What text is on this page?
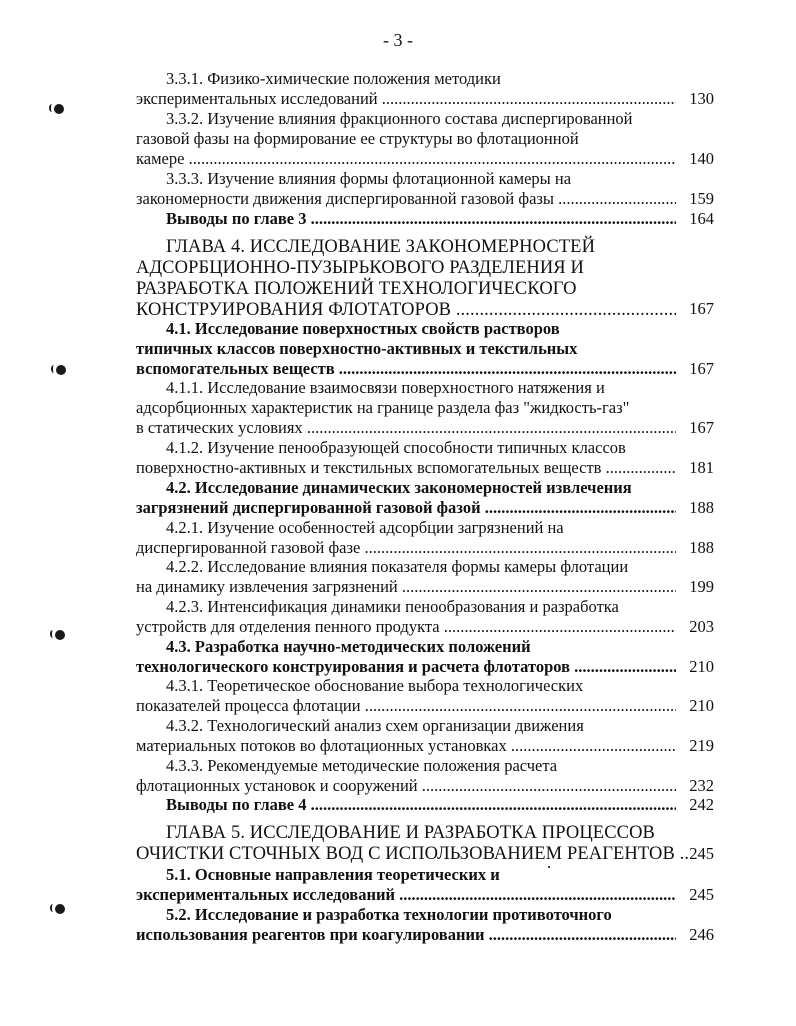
- 3 -
3.3.1. Физико-химические положения методики
экспериментальных исследований .....	130
3.3.2. Изучение влияния фракционного состава диспергированной
газовой фазы на формирование ее структуры во флотационной
камере .....	140
3.3.3. Изучение влияния формы флотационной камеры на
закономерности движения диспергированной газовой фазы .....	159
Выводы по главе 3 .....	164
ГЛАВА 4. ИССЛЕДОВАНИЕ ЗАКОНОМЕРНОСТЕЙ
АДСОРБЦИОННО-ПУЗЫРЬКОВОГО РАЗДЕЛЕНИЯ И
РАЗРАБОТКА ПОЛОЖЕНИЙ ТЕХНОЛОГИЧЕСКОГО
КОНСТРУИРОВАНИЯ ФЛОТАТОРОВ .....	167
4.1. Исследование поверхностных свойств растворов
типичных классов поверхностно-активных и текстильных
вспомогательных веществ .....	167
4.1.1. Исследование взаимосвязи поверхностного натяжения и
адсорбционных характеристик на границе раздела фаз "жидкость-газ"
в статических условиях .....	167
4.1.2. Изучение пенообразующей способности типичных классов
поверхностно-активных и текстильных вспомогательных веществ .....	181
4.2. Исследование динамических закономерностей извлечения
загрязнений диспергированной газовой фазой .....	188
4.2.1. Изучение особенностей адсорбции загрязнений на
диспергированной газовой фазе .....	188
4.2.2. Исследование влияния показателя формы камеры флотации
на динамику извлечения загрязнений .....	199
4.2.3. Интенсификация динамики пенообразования и разработка
устройств для отделения пенного продукта .....	203
4.3. Разработка научно-методических положений
технологического конструирования и расчета флотаторов .....	210
4.3.1. Теоретическое обоснование выбора технологических
показателей процесса флотации .....	210
4.3.2. Технологический анализ схем организации движения
материальных потоков во флотационных установках .....	219
4.3.3. Рекомендуемые методические положения расчета
флотационных установок и сооружений .....	232
Выводы по главе 4 .....	242
ГЛАВА 5. ИССЛЕДОВАНИЕ И РАЗРАБОТКА ПРОЦЕССОВ
ОЧИСТКИ СТОЧНЫХ ВОД С ИСПОЛЬЗОВАНИЕМ РЕАГЕНТОВ .. 245
5.1. Основные направления теоретических и
экспериментальных исследований .....	245
5.2. Исследование и разработка технологии противоточного
использования реагентов при коагулировании .....	246
